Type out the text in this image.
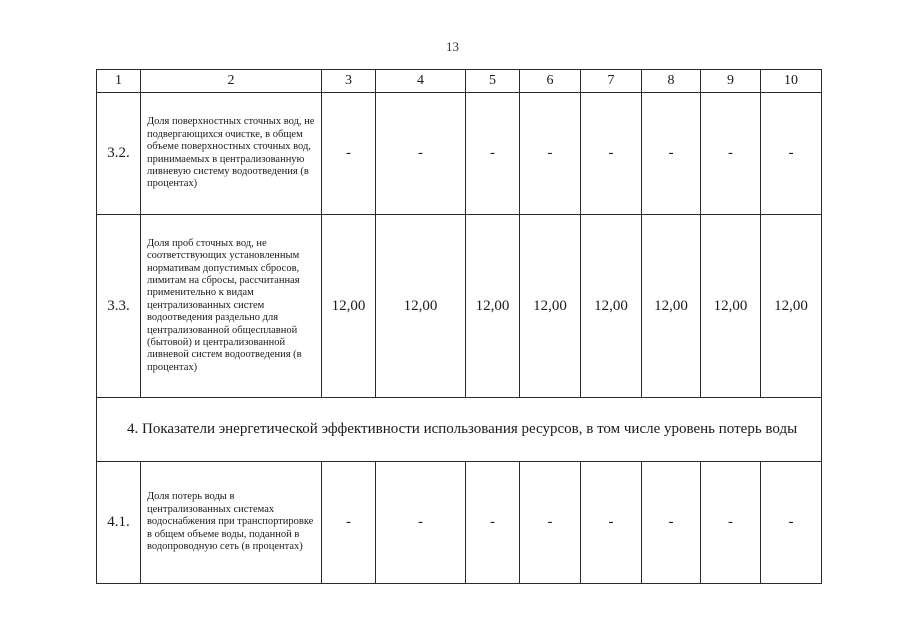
13
1	2	3	4	5	6	7	8	9	10
3.2.	Доля поверхностных сточных вод, не подвергающихся очистке, в общем объеме поверхностных сточных вод, принимаемых в централизованную ливневую систему водоотведения (в процентах)	-	-	-	-	-	-	-	-
3.3.	Доля проб сточных вод, не соответствующих установленным нормативам допустимых сбросов, лимитам на сбросы, рассчитанная применительно к видам централизованных систем водоотведения раздельно для централизованной общесплавной (бытовой) и централизованной ливневой систем водоотведения (в процентах)	12,00	12,00	12,00	12,00	12,00	12,00	12,00	12,00
4. Показатели энергетической эффективности использования ресурсов, в том числе уровень потерь воды									
4.1.	Доля потерь воды в централизованных системах водоснабжения при транспортировке в общем объеме воды, поданной в водопроводную сеть (в процентах)	-	-	-	-	-	-	-	-
